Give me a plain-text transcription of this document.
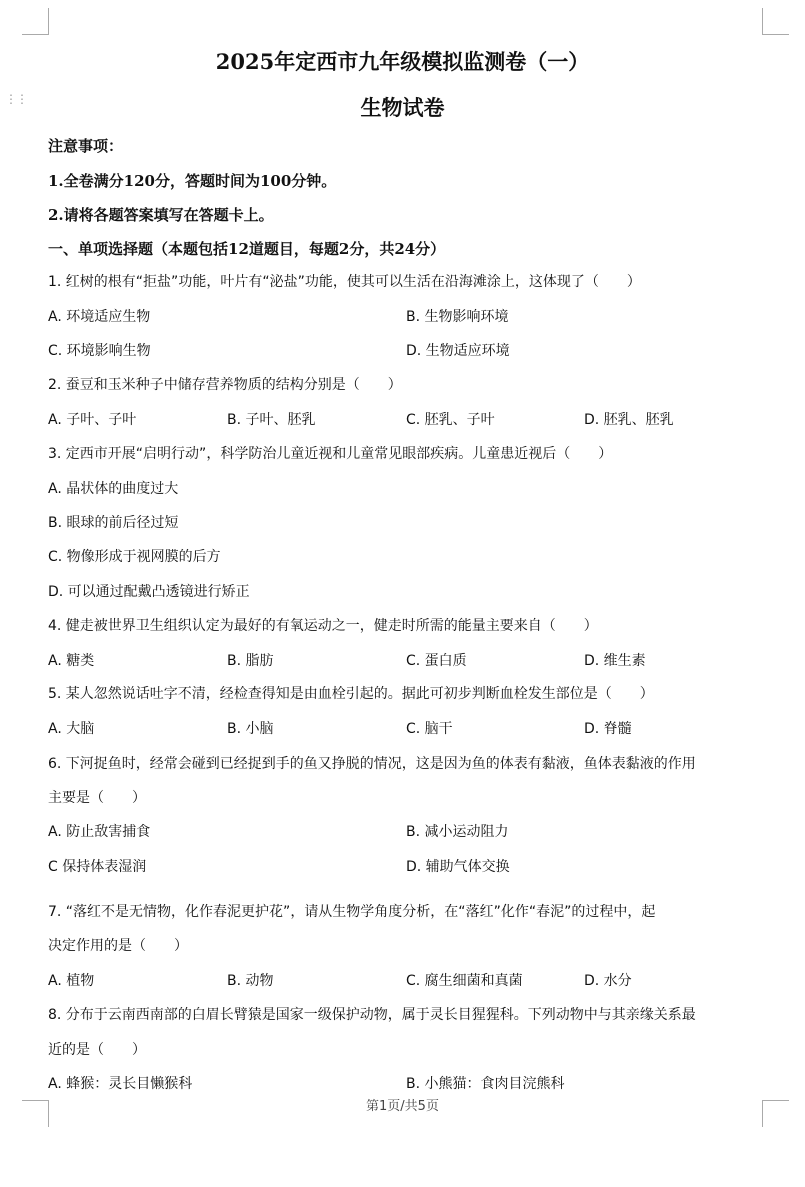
⋮⋮
2025年定西市九年级模拟监测卷（一）
生物试卷
注意事项：
1.全卷满分120分，答题时间为100分钟。
2.请将各题答案填写在答题卡上。
一、单项选择题（本题包括12道题目，每题2分，共24分）
1. 红树的根有“拒盐”功能，叶片有“泌盐”功能，使其可以生活在沿海滩涂上，这体现了（　　）
A. 环境适应生物	B. 生物影响环境
C. 环境影响生物	D. 生物适应环境
2. 蚕豆和玉米种子中储存营养物质的结构分别是（　　）
A. 子叶、子叶	B. 子叶、胚乳	C. 胚乳、子叶	D. 胚乳、胚乳
3. 定西市开展“启明行动”，科学防治儿童近视和儿童常见眼部疾病。儿童患近视后（　　）
A. 晶状体的曲度过大
B. 眼球的前后径过短
C. 物像形成于视网膜的后方
D. 可以通过配戴凸透镜进行矫正
4. 健走被世界卫生组织认定为最好的有氧运动之一，健走时所需的能量主要来自（　　）
A. 糖类	B. 脂肪	C. 蛋白质	D. 维生素
5. 某人忽然说话吐字不清，经检查得知是由血栓引起的。据此可初步判断血栓发生部位是（　　）
A. 大脑	B. 小脑	C. 脑干	D. 脊髓
6. 下河捉鱼时，经常会碰到已经捉到手的鱼又挣脱的情况，这是因为鱼的体表有黏液，鱼体表黏液的作用
主要是（　　）
A. 防止敌害捕食	B. 减小运动阻力
C 保持体表湿润	D. 辅助气体交换
7. “落红不是无情物，化作春泥更护花”，请从生物学角度分析，在“落红”化作“春泥”的过程中，起
决定作用的是（　　）
A. 植物	B. 动物	C. 腐生细菌和真菌	D. 水分
8. 分布于云南西南部的白眉长臂猿是国家一级保护动物，属于灵长目猩猩科。下列动物中与其亲缘关系最
近的是（　　）
A. 蜂猴：灵长目懒猴科	B. 小熊猫：食肉目浣熊科
第1页/共5页
